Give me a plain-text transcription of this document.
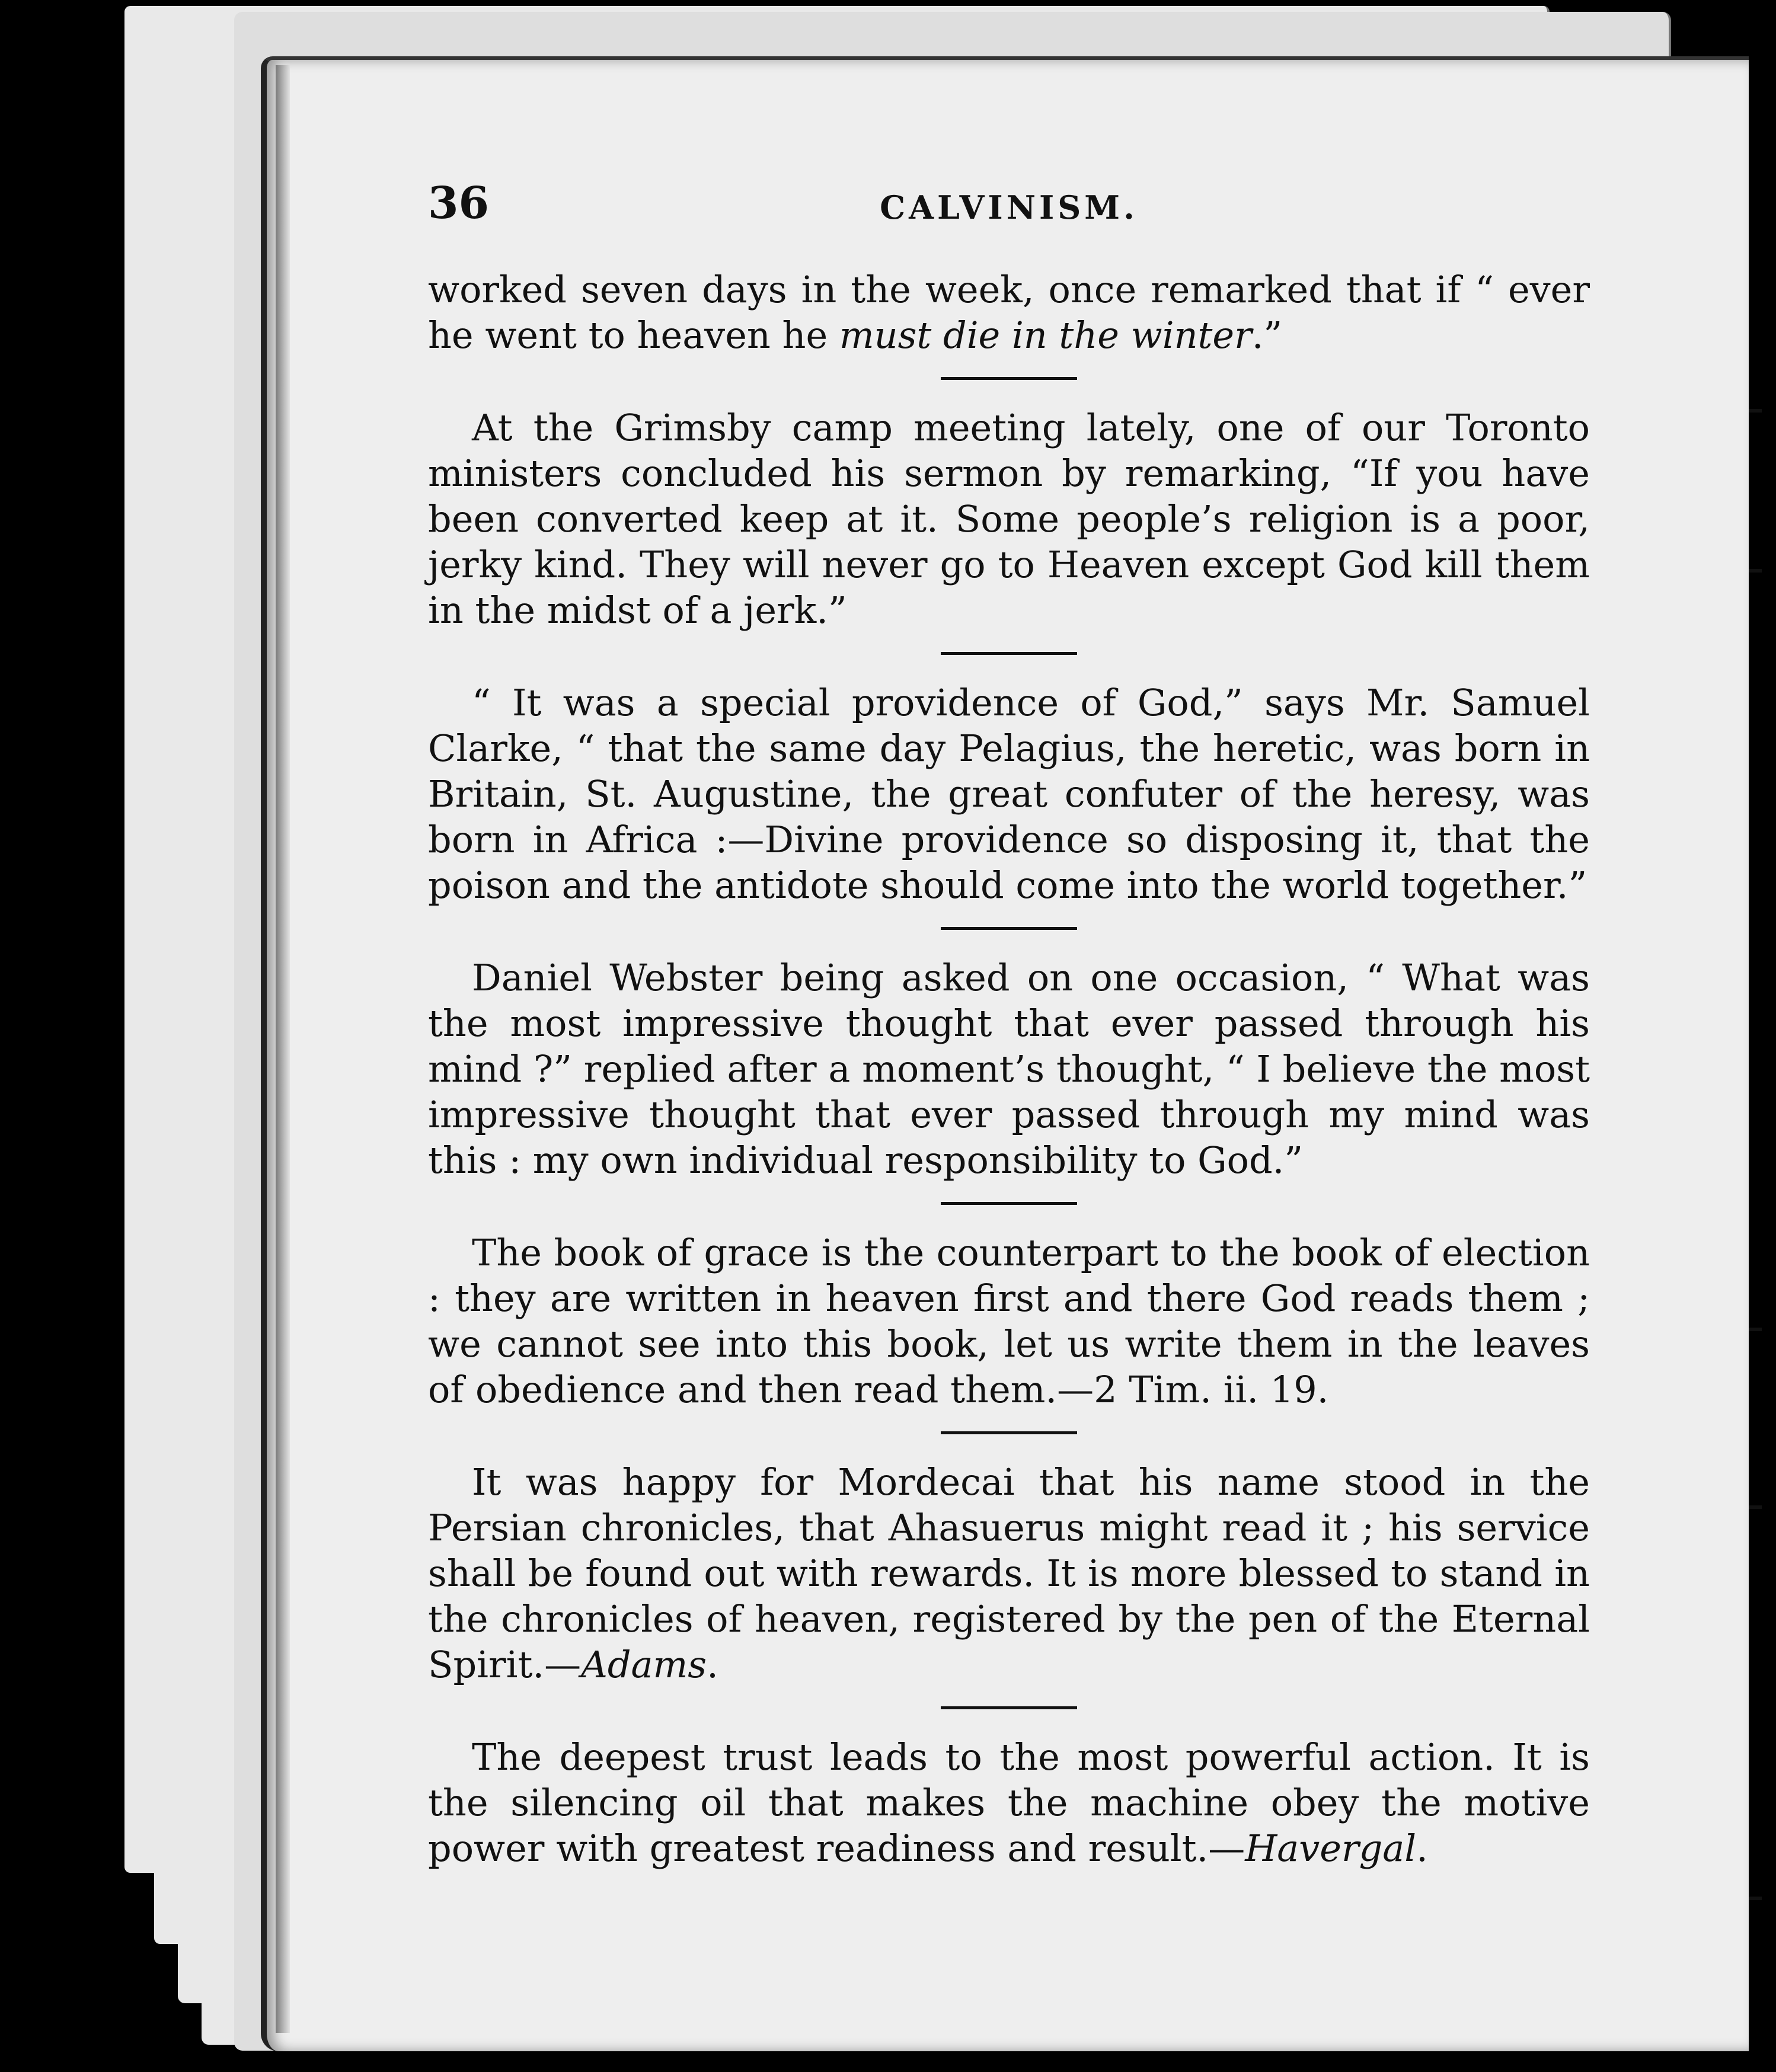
36	CALVINISM.

worked seven days in the week, once remarked that if “ ever he went to heaven he must die in the winter.”

At the Grimsby camp meeting lately, one of our Toronto ministers concluded his sermon by remarking, “If you have been converted keep at it. Some people’s religion is a poor, jerky kind. They will never go to Heaven except God kill them in the midst of a jerk.”

“ It was a special providence of God,” says Mr. Samuel Clarke, “ that the same day Pelagius, the heretic, was born in Britain, St. Augustine, the great confuter of the heresy, was born in Africa :—Divine providence so disposing it, that the poison and the antidote should come into the world together.”

Daniel Webster being asked on one occasion, “ What was the most impressive thought that ever passed through his mind ?” replied after a moment’s thought, “ I believe the most impressive thought that ever passed through my mind was this : my own individual responsibility to God.”

The book of grace is the counterpart to the book of election : they are written in heaven first and there God reads them ; we cannot see into this book, let us write them in the leaves of obedience and then read them.—2 Tim. ii. 19.

It was happy for Mordecai that his name stood in the Persian chronicles, that Ahasuerus might read it ; his service shall be found out with rewards. It is more blessed to stand in the chronicles of heaven, registered by the pen of the Eternal Spirit.—Adams.

The deepest trust leads to the most powerful action. It is the silencing oil that makes the machine obey the motive power with greatest readiness and result.—Havergal.
